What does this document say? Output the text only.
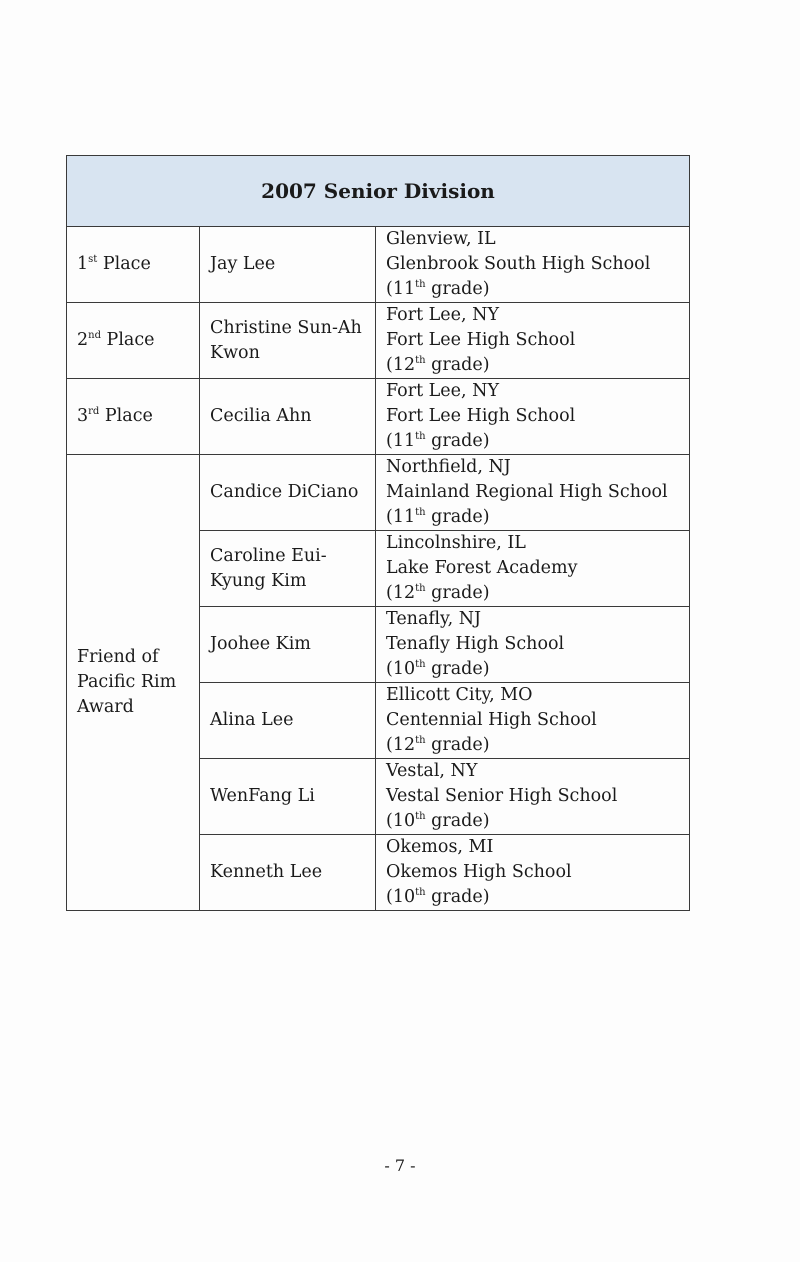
2007 Senior Division		
1st Place	Jay Lee	Glenview, IL
Glenbrook South High School
(11th grade)

2nd Place	Christine Sun-Ah Kwon	Fort Lee, NY
Fort Lee High School
(12th grade)

3rd Place	Cecilia Ahn	Fort Lee, NY
Fort Lee High School
(11th grade)

Friend of Pacific Rim Award	Candice DiCiano	Northfield, NJ
Mainland Regional High School
(11th grade)

	Caroline Eui-Kyung Kim	Lincolnshire, IL
Lake Forest Academy
(12th grade)

	Joohee Kim	Tenafly, NJ
Tenafly High School
(10th grade)

	Alina Lee	Ellicott City, MO
Centennial High School
(12th grade)

	WenFang Li	Vestal, NY
Vestal Senior High School
(10th grade)

	Kenneth Lee	Okemos, MI
Okemos High School
(10th grade)
- 7 -
